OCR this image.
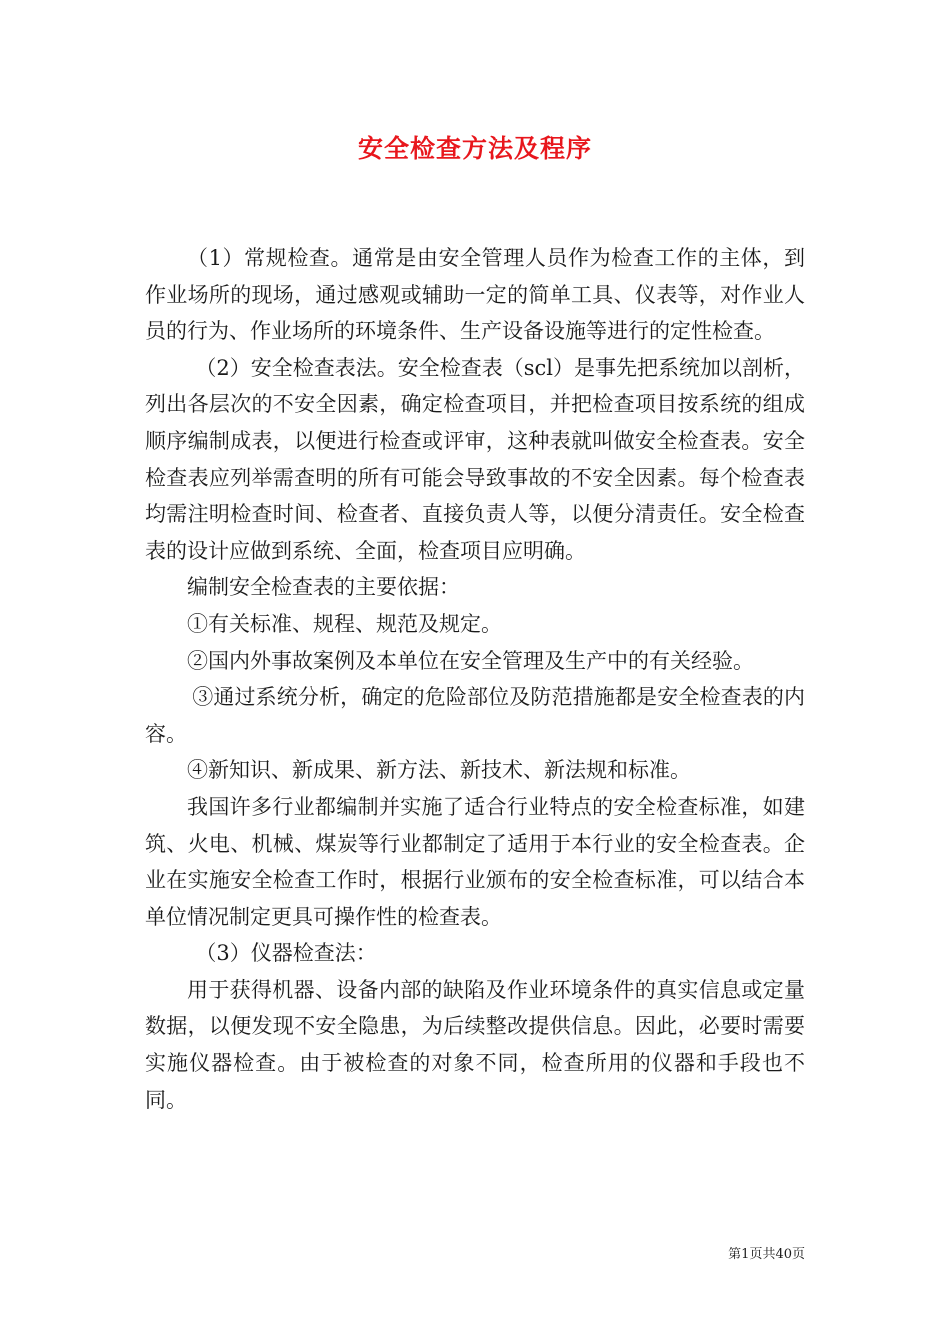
安全检查方法及程序

（1）常规检查。通常是由安全管理人员作为检查工作的主体，到作业场所的现场，通过感观或辅助一定的简单工具、仪表等，对作业人员的行为、作业场所的环境条件、生产设备设施等进行的定性检查。

（2）安全检查表法。安全检查表（scl）是事先把系统加以剖析，列出各层次的不安全因素，确定检查项目，并把检查项目按系统的组成顺序编制成表，以便进行检查或评审，这种表就叫做安全检查表。安全检查表应列举需查明的所有可能会导致事故的不安全因素。每个检查表均需注明检查时间、检查者、直接负责人等，以便分清责任。安全检查表的设计应做到系统、全面，检查项目应明确。

编制安全检查表的主要依据：

①有关标准、规程、规范及规定。

②国内外事故案例及本单位在安全管理及生产中的有关经验。

③通过系统分析，确定的危险部位及防范措施都是安全检查表的内容。

④新知识、新成果、新方法、新技术、新法规和标准。

我国许多行业都编制并实施了适合行业特点的安全检查标准，如建筑、火电、机械、煤炭等行业都制定了适用于本行业的安全检查表。企业在实施安全检查工作时，根据行业颁布的安全检查标准，可以结合本单位情况制定更具可操作性的检查表。

（3）仪器检查法：

用于获得机器、设备内部的缺陷及作业环境条件的真实信息或定量数据，以便发现不安全隐患，为后续整改提供信息。因此，必要时需要实施仪器检查。由于被检查的对象不同，检查所用的仪器和手段也不同。

第1页共40页
